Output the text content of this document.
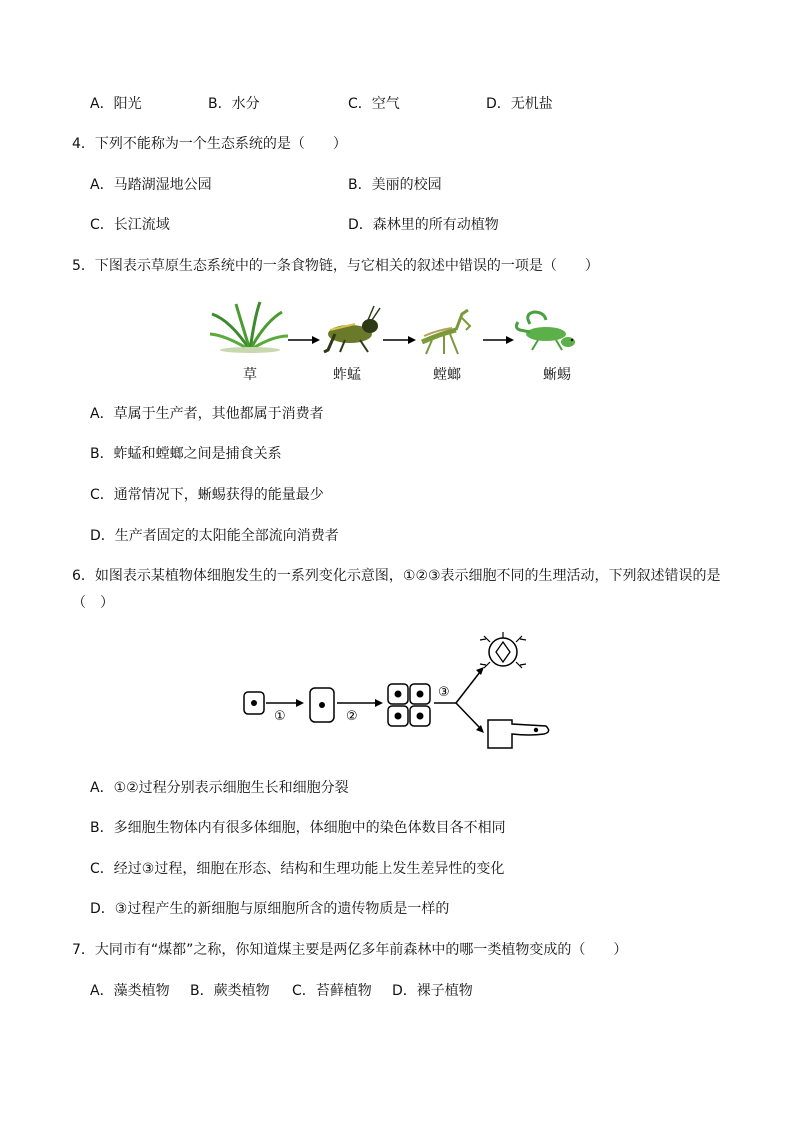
A．阳光	B．水分	C．空气	D．无机盐
4．下列不能称为一个生态系统的是（　　）
A．马踏湖湿地公园	B．美丽的校园
C．长江流域	D．森林里的所有动植物
5．下图表示草原生态系统中的一条食物链，与它相关的叙述中错误的一项是（　　）
草	蚱蜢	螳螂	蜥蜴
A．草属于生产者，其他都属于消费者
B．蚱蜢和螳螂之间是捕食关系
C．通常情况下，蜥蜴获得的能量最少
D．生产者固定的太阳能全部流向消费者
6．如图表示某植物体细胞发生的一系列变化示意图，①②③表示细胞不同的生理活动，下列叙述错误的是
（　）
①	②
③
A．①②过程分别表示细胞生长和细胞分裂
B．多细胞生物体内有很多体细胞，体细胞中的染色体数目各不相同
C．经过③过程，细胞在形态、结构和生理功能上发生差异性的变化
D．③过程产生的新细胞与原细胞所含的遗传物质是一样的
7．大同市有“煤都”之称，你知道煤主要是两亿多年前森林中的哪一类植物变成的（　　）
A．藻类植物 B．蕨类植物 C．苔藓植物 D．裸子植物
